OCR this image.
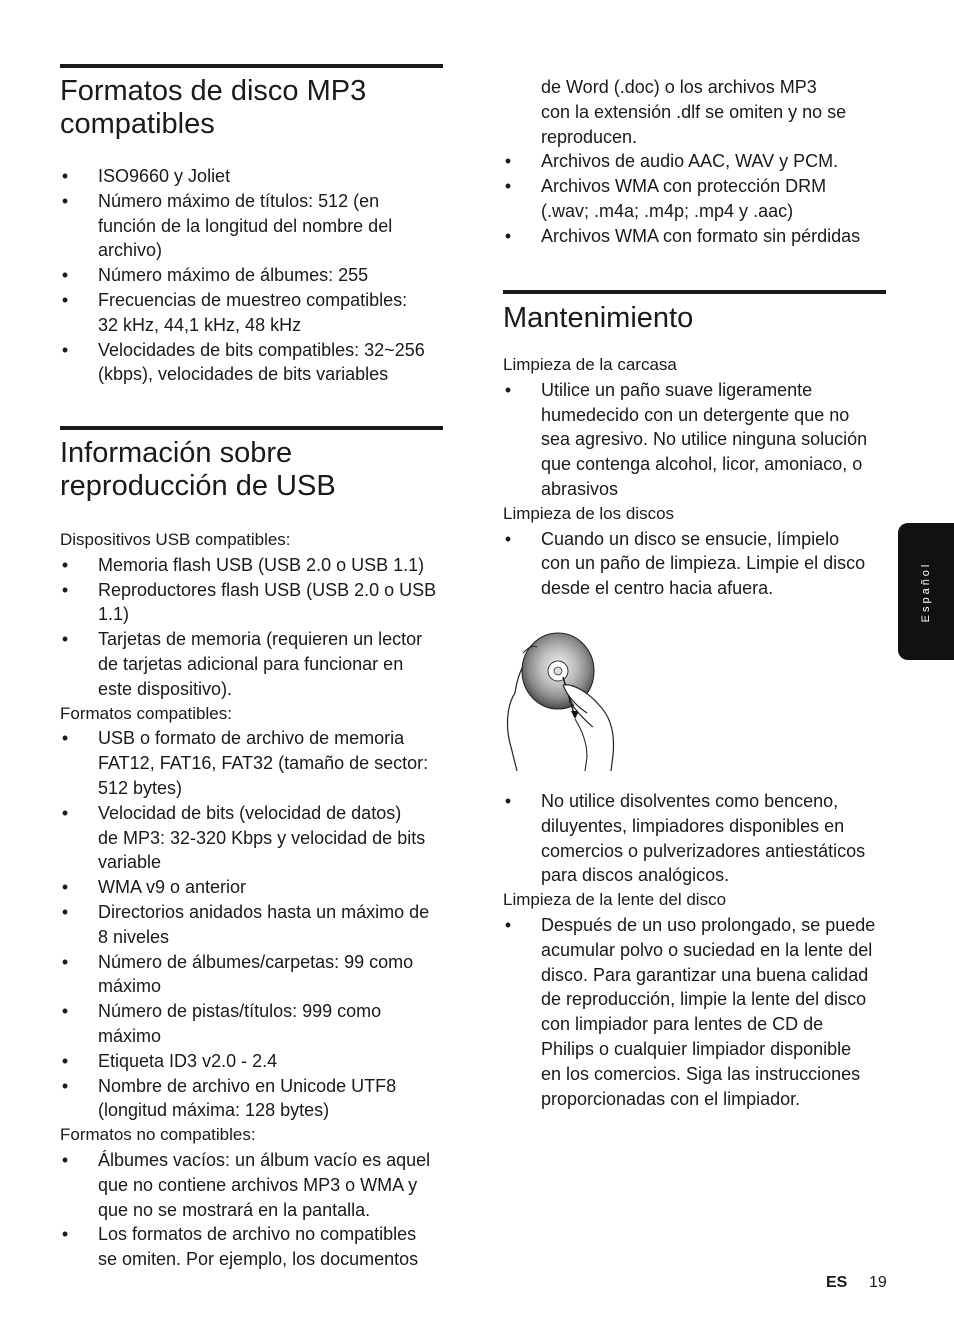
Formatos de disco MP3
compatibles
• ISO9660 y Joliet
• Número máximo de títulos: 512 (en
función de la longitud del nombre del
archivo)
• Número máximo de álbumes: 255
• Frecuencias de muestreo compatibles:
32 kHz, 44,1 kHz, 48 kHz
• Velocidades de bits compatibles: 32~256
(kbps), velocidades de bits variables
Información sobre
reproducción de USB

Dispositivos USB compatibles:

• Memoria flash USB (USB 2.0 o USB 1.1)
• Reproductores flash USB (USB 2.0 o USB
1.1)
• Tarjetas de memoria (requieren un lector
de tarjetas adicional para funcionar en
este dispositivo).

Formatos compatibles:

• USB o formato de archivo de memoria
FAT12, FAT16, FAT32 (tamaño de sector:
512 bytes)
• Velocidad de bits (velocidad de datos)
de MP3: 32-320 Kbps y velocidad de bits
variable
• WMA v9 o anterior
• Directorios anidados hasta un máximo de
8 niveles
• Número de álbumes/carpetas: 99 como
máximo
• Número de pistas/títulos: 999 como
máximo
• Etiqueta ID3 v2.0 - 2.4
• Nombre de archivo en Unicode UTF8
(longitud máxima: 128 bytes)

Formatos no compatibles:

• Álbumes vacíos: un álbum vacío es aquel
que no contiene archivos MP3 o WMA y
que no se mostrará en la pantalla.
• Los formatos de archivo no compatibles
se omiten. Por ejemplo, los documentos
de Word (.doc) o los archivos MP3
con la extensión .dlf se omiten y no se
reproducen.
• Archivos de audio AAC, WAV y PCM.
• Archivos WMA con protección DRM
(.wav; .m4a; .m4p; .mp4 y .aac)
• Archivos WMA con formato sin pérdidas
Mantenimiento

Limpieza de la carcasa

• Utilice un paño suave ligeramente
humedecido con un detergente que no
sea agresivo. No utilice ninguna solución
que contenga alcohol, licor, amoniaco, o
abrasivos

Limpieza de los discos

• Cuando un disco se ensucie, límpielo
con un paño de limpieza. Limpie el disco
desde el centro hacia afuera.
• No utilice disolventes como benceno,
diluyentes, limpiadores disponibles en
comercios o pulverizadores antiestáticos
para discos analógicos.

Limpieza de la lente del disco

• Después de un uso prolongado, se puede
acumular polvo o suciedad en la lente del
disco. Para garantizar una buena calidad
de reproducción, limpie la lente del disco
con limpiador para lentes de CD de
Philips o cualquier limpiador disponible
en los comercios. Siga las instrucciones
proporcionadas con el limpiador.
Español
ES 19
